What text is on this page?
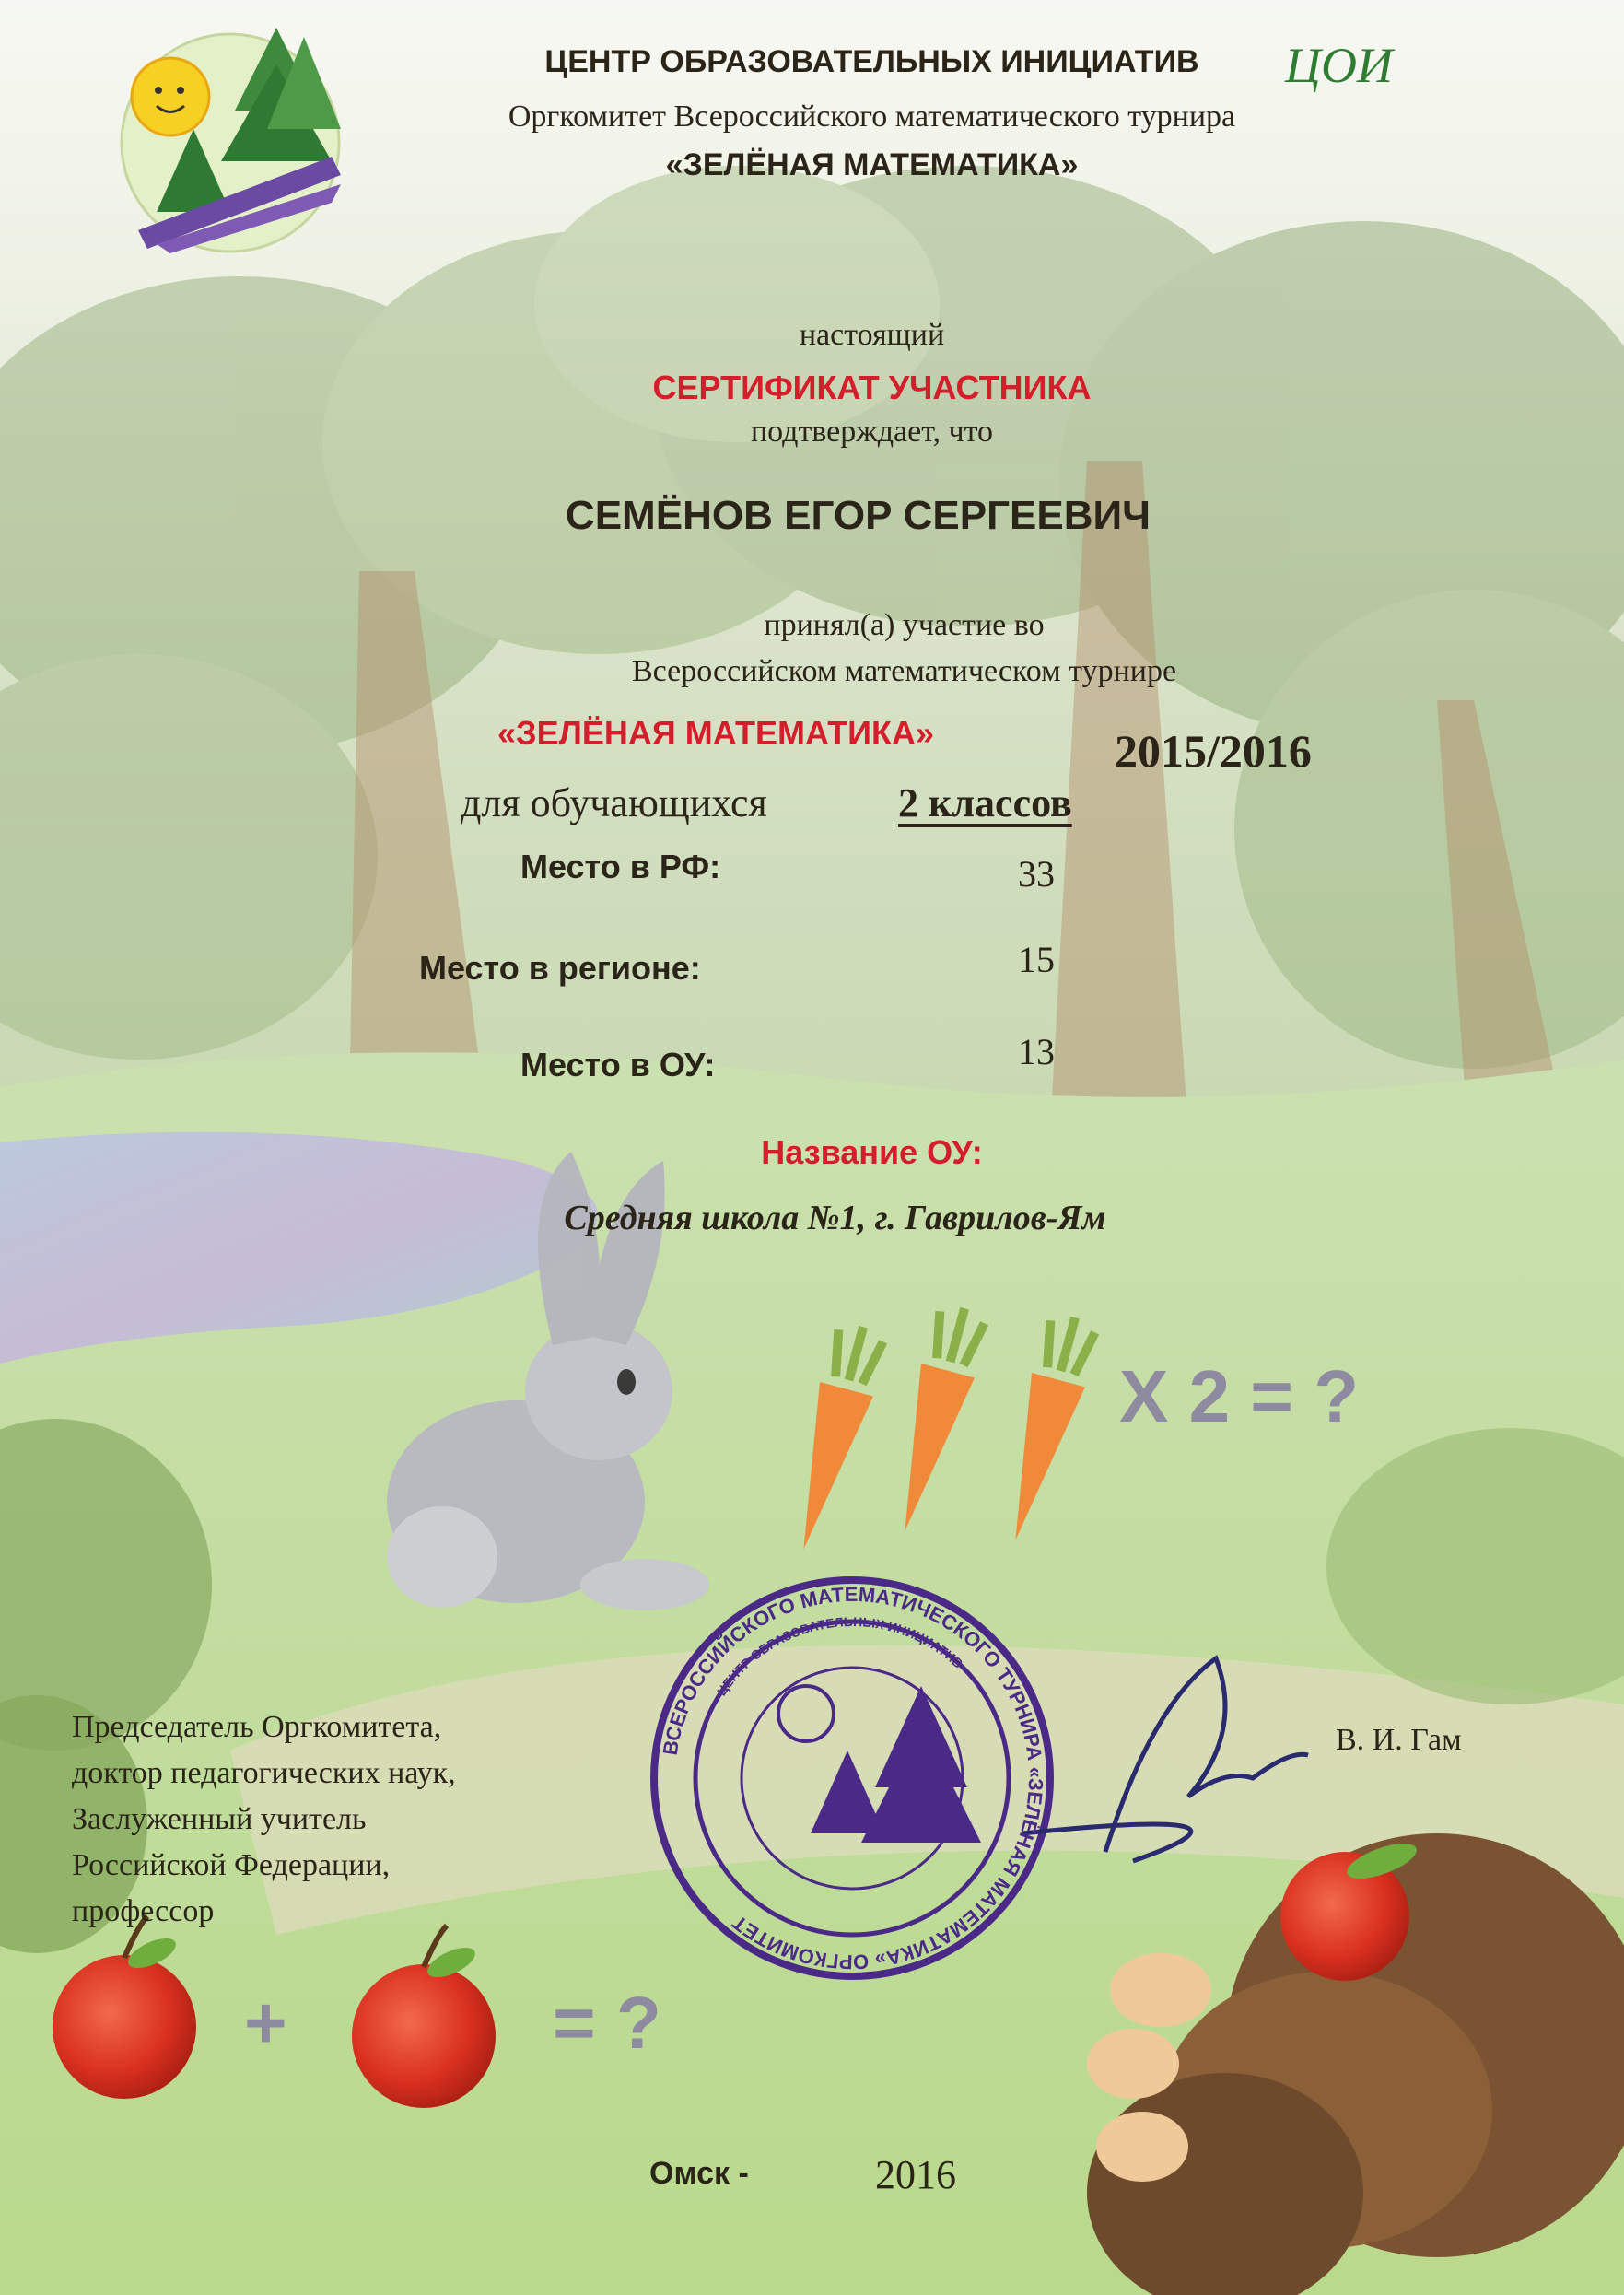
ЦЕНТР ОБРАЗОВАТЕЛЬНЫХ ИНИЦИАТИВ	ЦОИ

Оргкомитет Всероссийского математического турнира

«ЗЕЛЁНАЯ МАТЕМАТИКА»

настоящий

СЕРТИФИКАТ УЧАСТНИКА

подтверждает, что

СЕМЁНОВ ЕГОР СЕРГЕЕВИЧ

принял(а) участие во

Всероссийском математическом турнире

«ЗЕЛЁНАЯ МАТЕМАТИКА»	2015/2016

для обучающихся	2 классов

Место в РФ:	33

Место в регионе:	15

Место в ОУ:	13

Название ОУ:

Средняя школа №1, г. Гаврилов-Ям

X 2 = ?

+	= ?

Председатель Оргкомитета,
доктор педагогических наук,
Заслуженный учитель
Российской Федерации,
профессор

В. И. Гам

ВСЕРОССИЙСКОГО МАТЕМАТИЧЕСКОГО ТУРНИРА «ЗЕЛЁНАЯ МАТЕМАТИКА» ОРГКОМИТЕТ
ЦЕНТР ОБРАЗОВАТЕЛЬНЫХ ИНИЦИАТИВ

Омск -	2016
